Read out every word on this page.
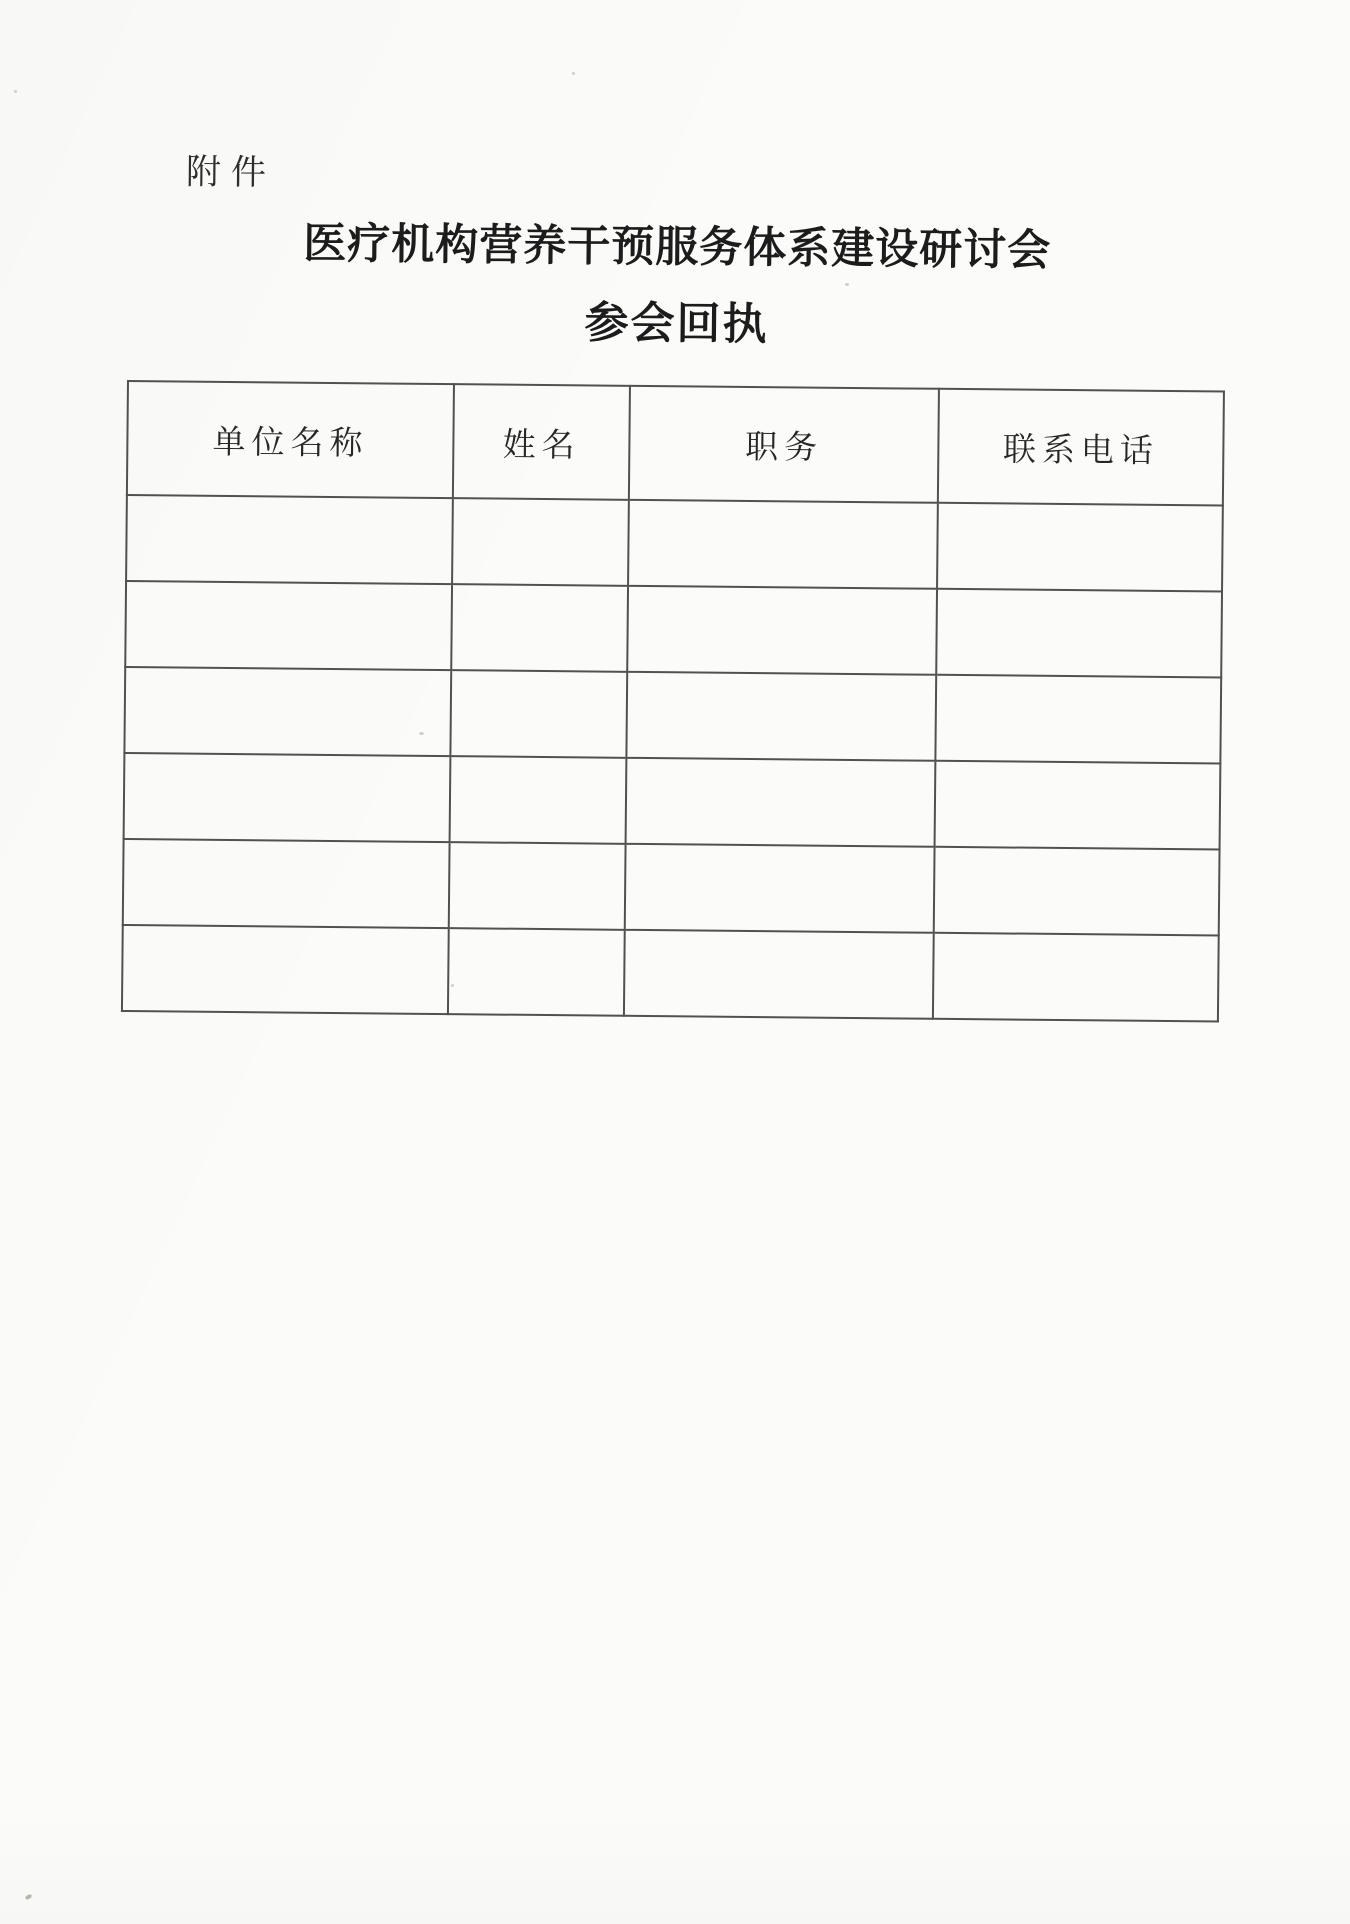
附件
医疗机构营养干预服务体系建设研讨会
参会回执
单位名称	姓名	职务	联系电话
